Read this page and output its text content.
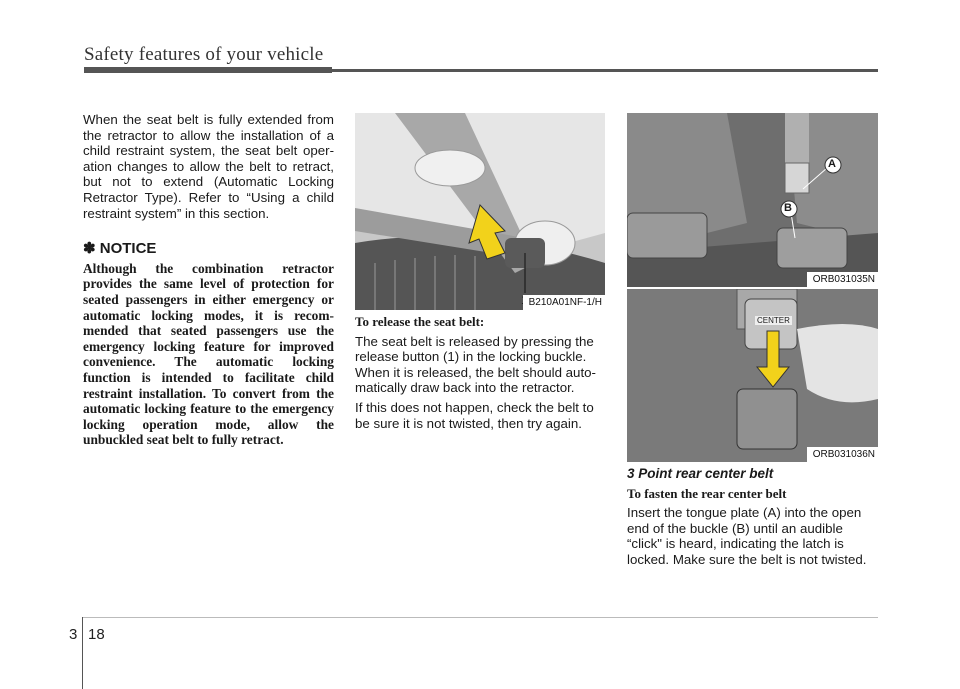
Safety features of your vehicle

When the seat belt is fully extended from the retractor to allow the installation of a child restraint system, the seat belt oper-ation changes to allow the belt to retract, but not to extend (Automatic Locking Retractor Type). Refer to “Using a child restraint system” in this section.

✽ NOTICE
Although the combination retractor provides the same level of protection for seated passengers in either emergency or automatic locking modes, it is recom-mended that seated passengers use the emergency locking feature for improved convenience. The automatic locking function is intended to facilitate child restraint installation. To convert from the automatic locking feature to the emergency locking operation mode, allow the unbuckled seat belt to fully retract.
B210A01NF-1/H
To release the seat belt:

The seat belt is released by pressing the release button (1) in the locking buckle. When it is released, the belt should auto-matically draw back into the retractor.

If this does not happen, check the belt to be sure it is not twisted, then try again.

A
B
ORB031035N
CENTER
ORB031036N
3 Point rear center belt
To fasten the rear center belt

Insert the tongue plate (A) into the open end of the buckle (B) until an audible “click" is heard, indicating the latch is locked. Make sure the belt is not twisted.

3 18
